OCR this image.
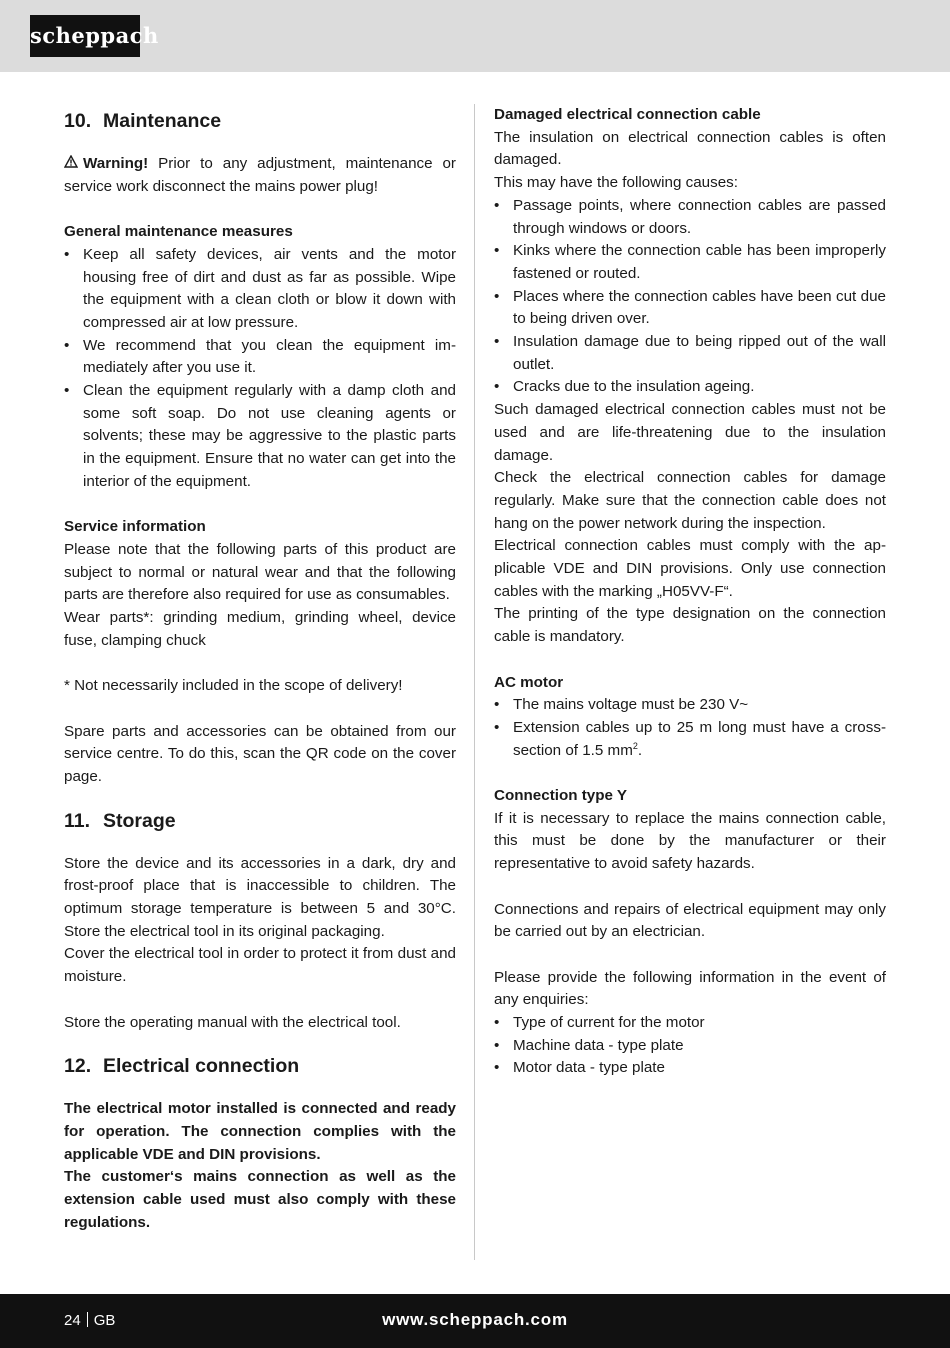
scheppach
10. Maintenance

Warning! Prior to any adjustment, maintenance or service work disconnect the mains power plug!

General maintenance measures

• Keep all safety devices, air vents and the motor housing free of dirt and dust as far as possible. Wipe the equipment with a clean cloth or blow it down with compressed air at low pressure.
• We recommend that you clean the equipment immediately after you use it.
• Clean the equipment regularly with a damp cloth and some soft soap. Do not use cleaning agents or solvents; these may be aggressive to the plastic parts in the equipment. Ensure that no water can get into the interior of the equipment.

Service information

Please note that the following parts of this product are subject to normal or natural wear and that the following parts are therefore also required for use as consumables.

Wear parts*: grinding medium, grinding wheel, device fuse, clamping chuck

* Not necessarily included in the scope of delivery!

Spare parts and accessories can be obtained from our service centre. To do this, scan the QR code on the cover page.

11. Storage

Store the device and its accessories in a dark, dry and frost-proof place that is inaccessible to children. The optimum storage temperature is between 5 and 30°C. Store the electrical tool in its original packaging.

Cover the electrical tool in order to protect it from dust and moisture.

Store the operating manual with the electrical tool.

12. Electrical connection

The electrical motor installed is connected and ready for operation. The connection complies with the applicable VDE and DIN provisions.

The customer‘s mains connection as well as the extension cable used must also comply with these regulations.

Damaged electrical connection cable

The insulation on electrical connection cables is often damaged.

This may have the following causes:

• Passage points, where connection cables are passed through windows or doors.
• Kinks where the connection cable has been improperly fastened or routed.
• Places where the connection cables have been cut due to being driven over.
• Insulation damage due to being ripped out of the wall outlet.
• Cracks due to the insulation ageing.

Such damaged electrical connection cables must not be used and are life-threatening due to the insulation damage.

Check the electrical connection cables for damage regularly. Make sure that the connection cable does not hang on the power network during the inspection.

Electrical connection cables must comply with the applicable VDE and DIN provisions. Only use connection cables with the marking „H05VV-F“.

The printing of the type designation on the connection cable is mandatory.

AC motor

• The mains voltage must be 230 V~
• Extension cables up to 25 m long must have a cross-section of 1.5 $mm^2$.

Connection type Y

If it is necessary to replace the mains connection cable, this must be done by the manufacturer or their representative to avoid safety hazards.

Connections and repairs of electrical equipment may only be carried out by an electrician.

Please provide the following information in the event of any enquiries:

• Type of current for the motor
• Machine data - type plate
• Motor data - type plate
24 GB	www.scheppach.com
